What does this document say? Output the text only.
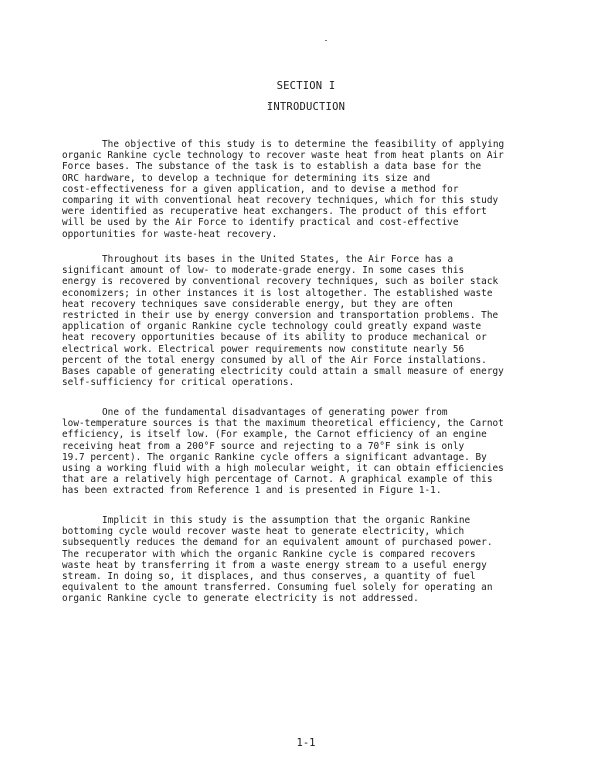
SECTION I
INTRODUCTION
The objective of this study is to determine the feasibility of applying
organic Rankine cycle technology to recover waste heat from heat plants on Air
Force bases. The substance of the task is to establish a data base for the
ORC hardware, to develop a technique for determining its size and
cost-effectiveness for a given application, and to devise a method for
comparing it with conventional heat recovery techniques, which for this study
were identified as recuperative heat exchangers. The product of this effort
will be used by the Air Force to identify practical and cost-effective
opportunities for waste-heat recovery.
Throughout its bases in the United States, the Air Force has a
significant amount of low- to moderate-grade energy. In some cases this
energy is recovered by conventional recovery techniques, such as boiler stack
economizers; in other instances it is lost altogether. The established waste
heat recovery techniques save considerable energy, but they are often
restricted in their use by energy conversion and transportation problems. The
application of organic Rankine cycle technology could greatly expand waste
heat recovery opportunities because of its ability to produce mechanical or
electrical work. Electrical power requirements now constitute nearly 56
percent of the total energy consumed by all of the Air Force installations.
Bases capable of generating electricity could attain a small measure of energy
self-sufficiency for critical operations.
One of the fundamental disadvantages of generating power from
low-temperature sources is that the maximum theoretical efficiency, the Carnot
efficiency, is itself low. (For example, the Carnot efficiency of an engine
receiving heat from a 200°F source and rejecting to a 70°F sink is only
19.7 percent). The organic Rankine cycle offers a significant advantage. By
using a working fluid with a high molecular weight, it can obtain efficiencies
that are a relatively high percentage of Carnot. A graphical example of this
has been extracted from Reference 1 and is presented in Figure 1-1.
Implicit in this study is the assumption that the organic Rankine
bottoming cycle would recover waste heat to generate electricity, which
subsequently reduces the demand for an equivalent amount of purchased power.
The recuperator with which the organic Rankine cycle is compared recovers
waste heat by transferring it from a waste energy stream to a useful energy
stream. In doing so, it displaces, and thus conserves, a quantity of fuel
equivalent to the amount transferred. Consuming fuel solely for operating an
organic Rankine cycle to generate electricity is not addressed.
1-1
